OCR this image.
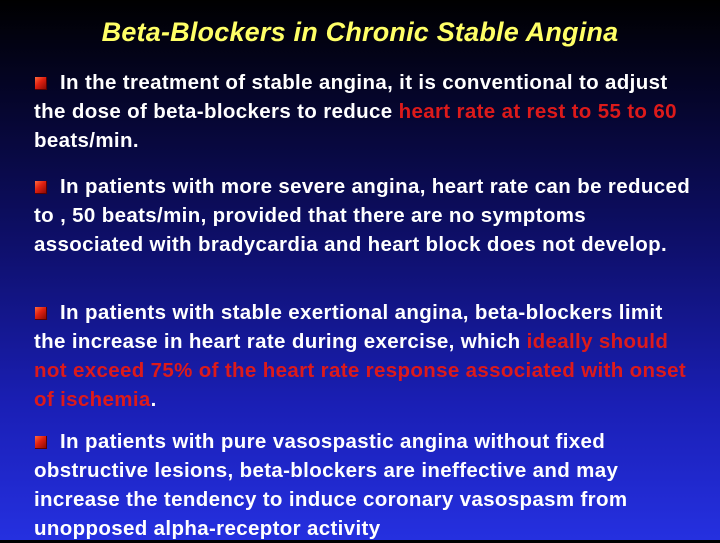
Beta-Blockers in Chronic Stable Angina
In the treatment of stable angina, it is conventional to adjust the dose of beta-blockers to reduce heart rate at rest to 55 to 60 beats/min.
In patients with more severe angina, heart rate can be reduced to , 50 beats/min, provided that there are no symptoms associated with bradycardia and heart block does not develop.
In patients with stable exertional angina, beta-blockers limit the increase in heart rate during exercise, which ideally should not exceed 75% of the heart rate response associated with onset of ischemia.
In patients with pure vasospastic angina without fixed obstructive lesions, beta-blockers are ineffective and may increase the tendency to induce coronary vasospasm from unopposed alpha-receptor activity
